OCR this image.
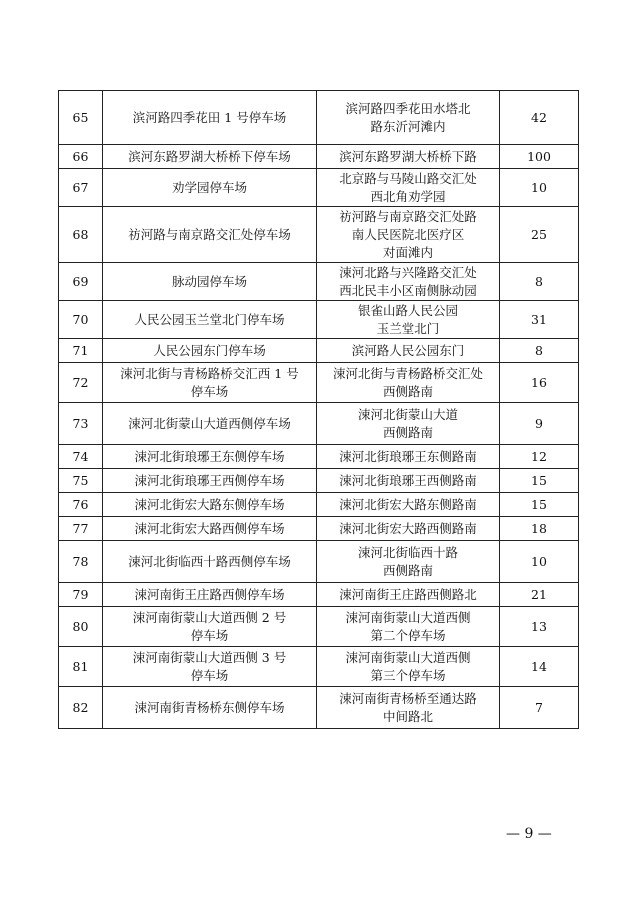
65	滨河路四季花田 1 号停车场	滨河路四季花田水塔北
路东沂河滩内	42
66	滨河东路罗湖大桥桥下停车场	滨河东路罗湖大桥桥下路	100
67	劝学园停车场	北京路与马陵山路交汇处
西北角劝学园	10
68	祊河路与南京路交汇处停车场	祊河路与南京路交汇处路
南人民医院北医疗区
对面滩内	25
69	脉动园停车场	涑河北路与兴隆路交汇处
西北民丰小区南侧脉动园	8
70	人民公园玉兰堂北门停车场	银雀山路人民公园
玉兰堂北门	31
71	人民公园东门停车场	滨河路人民公园东门	8
72	涑河北街与青杨路桥交汇西 1 号
停车场	涑河北街与青杨路桥交汇处
西侧路南	16
73	涑河北街蒙山大道西侧停车场	涑河北街蒙山大道
西侧路南	9
74	涑河北街琅琊王东侧停车场	涑河北街琅琊王东侧路南	12
75	涑河北街琅琊王西侧停车场	涑河北街琅琊王西侧路南	15
76	涑河北街宏大路东侧停车场	涑河北街宏大路东侧路南	15
77	涑河北街宏大路西侧停车场	涑河北街宏大路西侧路南	18
78	涑河北街临西十路西侧停车场	涑河北街临西十路
西侧路南	10
79	涑河南街王庄路西侧停车场	涑河南街王庄路西侧路北	21
80	涑河南街蒙山大道西侧 2 号
停车场	涑河南街蒙山大道西侧
第二个停车场	13
81	涑河南街蒙山大道西侧 3 号
停车场	涑河南街蒙山大道西侧
第三个停车场	14
82	涑河南街青杨桥东侧停车场	涑河南街青杨桥至通达路
中间路北	7
— 9 —
